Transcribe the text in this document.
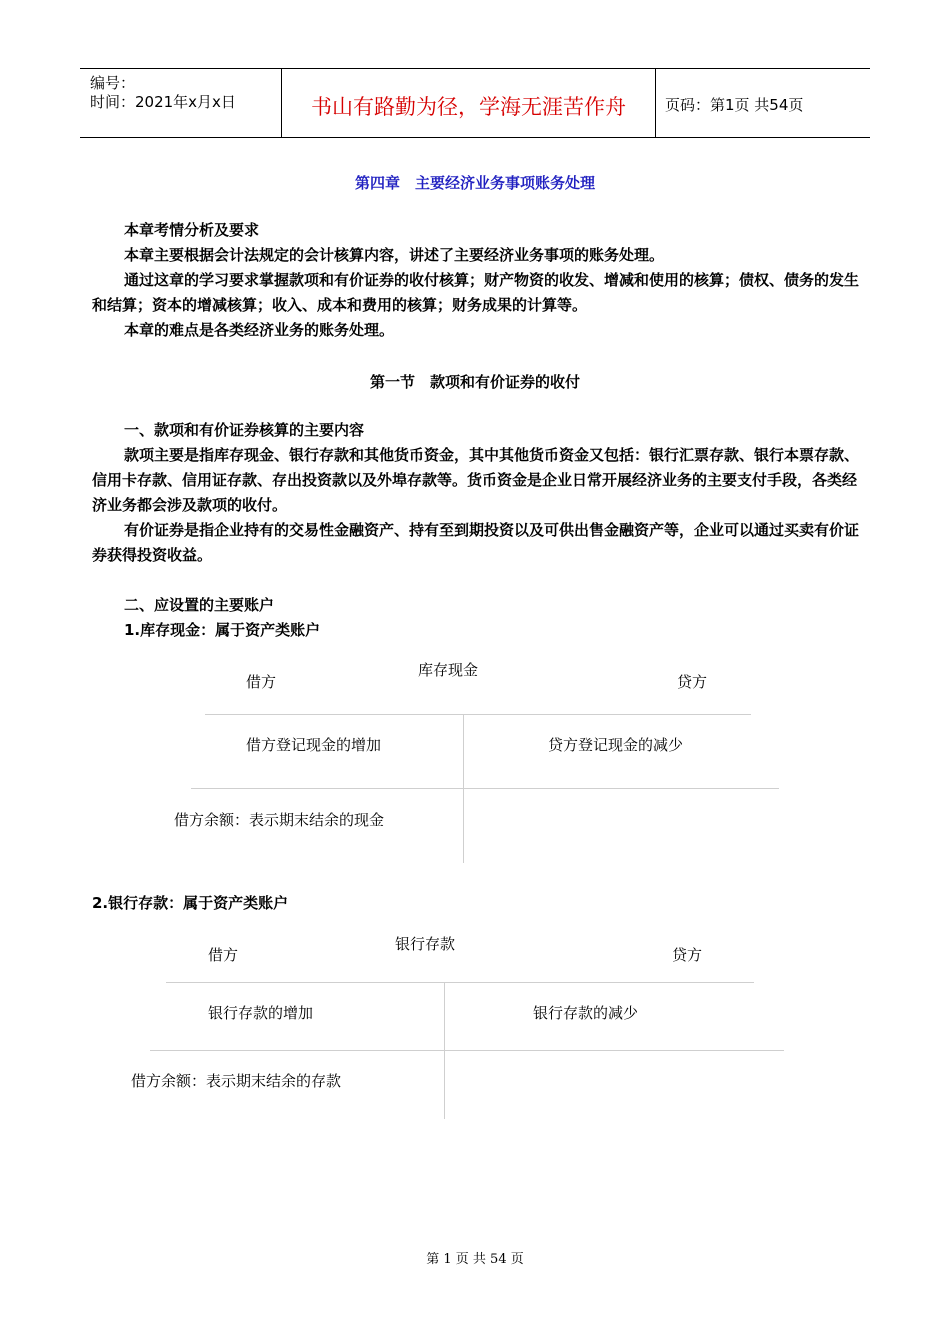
编号：
时间：2021年x月x日	书山有路勤为径，学海无涯苦作舟	页码：第1页 共54页
第四章　主要经济业务事项账务处理
本章考情分析及要求
本章主要根据会计法规定的会计核算内容，讲述了主要经济业务事项的账务处理。
通过这章的学习要求掌握款项和有价证券的收付核算；财产物资的收发、增减和使用的核算；债权、债务的发生和结算；资本的增减核算；收入、成本和费用的核算；财务成果的计算等。
本章的难点是各类经济业务的账务处理。
第一节　款项和有价证券的收付
一、款项和有价证券核算的主要内容
款项主要是指库存现金、银行存款和其他货币资金，其中其他货币资金又包括：银行汇票存款、银行本票存款、信用卡存款、信用证存款、存出投资款以及外埠存款等。货币资金是企业日常开展经济业务的主要支付手段，各类经济业务都会涉及款项的收付。
有价证券是指企业持有的交易性金融资产、持有至到期投资以及可供出售金融资产等，企业可以通过买卖有价证券获得投资收益。
二、应设置的主要账户
1.库存现金：属于资产类账户
库存现金
借方	贷方
借方登记现金的增加	贷方登记现金的减少
借方余额：表示期末结余的现金
2.银行存款：属于资产类账户
银行存款
借方	贷方
银行存款的增加	银行存款的减少
借方余额：表示期末结余的存款
第 1 页 共 54 页
